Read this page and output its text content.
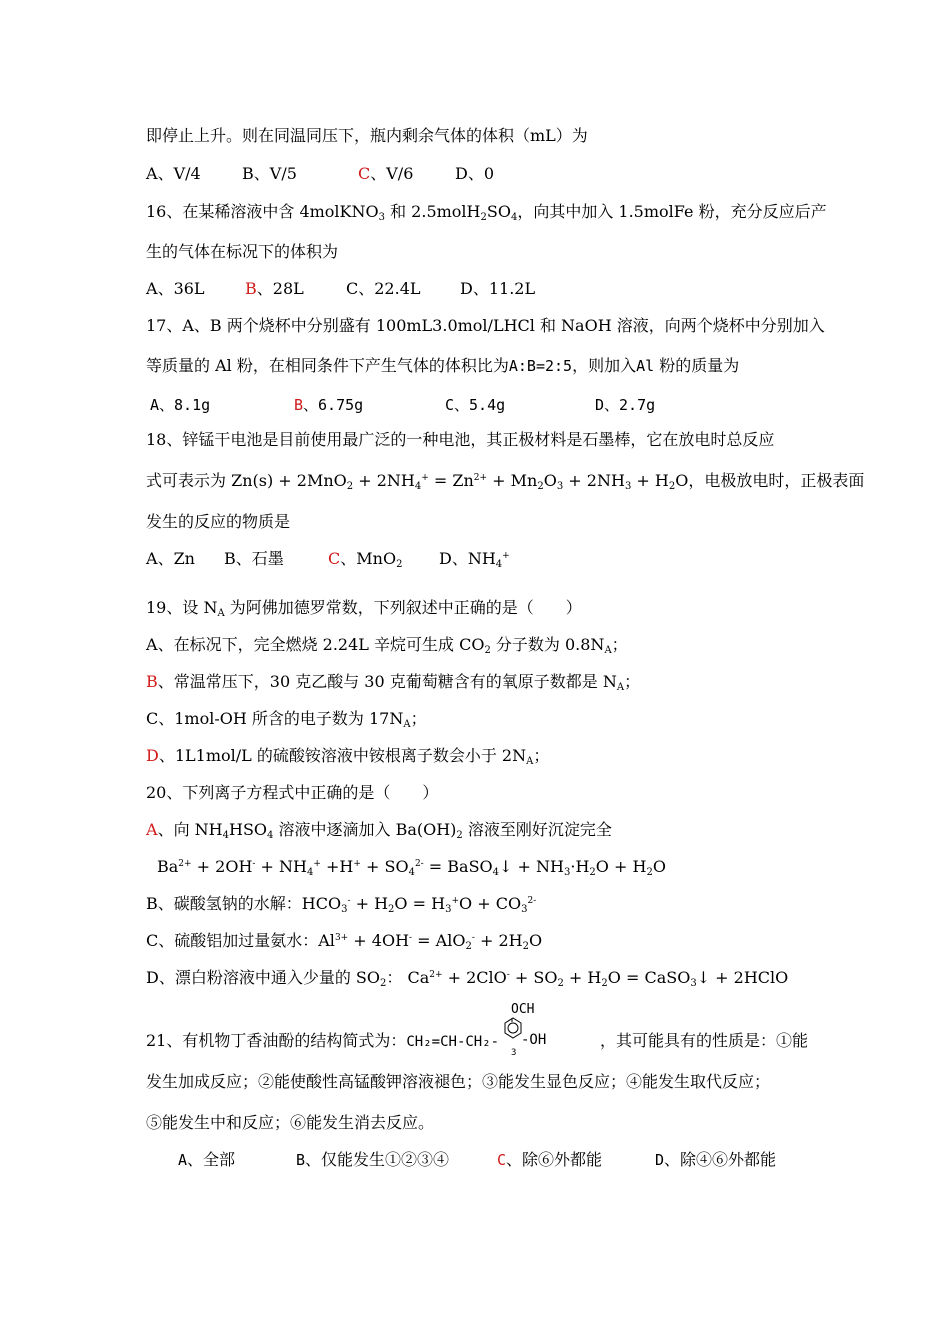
即停止上升。则在同温同压下，瓶内剩余气体的体积（mL）为
A、V/4	B、V/5	C、V/6	D、0
16、在某稀溶液中含 4molKNO$_3$ 和 $2.5molH_2SO_4$，向其中加入 1.5molFe 粉，充分反应后产
生的气体在标况下的体积为
A、36L	B、28L	C、22.4L D、11.2L
17、A、B 两个烧杯中分别盛有 100mL3.0mol/LHCl 和 NaOH 溶液，向两个烧杯中分别加入
等质量的 Al 粉，在相同条件下产生气体的体积比为A:B=2:5，则加入Al 粉的质量为
A、8.1g	B、6.75g	C、5.4g	D、2.7g
18、锌锰干电池是目前使用最广泛的一种电池，其正极材料是石墨棒，它在放电时总反应
式可表示为 $Zn(s) + 2MnO_2 + 2NH_4^+ = Zn^{2+} + Mn_2O_3 + 2NH_3 + H_2O$，电极放电时，正极表面
发生的反应的物质是
A、Zn B、石墨	C、MnO$_2$ D、$NH_4^+$
19、设 $N_A$ 为阿佛加德罗常数，下列叙述中正确的是（　　）
A、在标况下，完全燃烧 2.24L 辛烷可生成 $CO_2$ 分子数为 $0.8N_A$；
B、常温常压下，30 克乙酸与 30 克葡萄糖含有的氧原子数都是 $N_A$；
C、1mol-OH 所含的电子数为 $17N_A$；
D、1L1mol/L 的硫酸铵溶液中铵根离子数会小于 $2N_A$；
20、下列离子方程式中正确的是（　　）
A、向 $NH_4HSO_4$ 溶液中逐滴加入 $Ba(OH)_2$ 溶液至刚好沉淀完全
$Ba^{2+} + 2OH^- + NH_4^+ +H^+ + SO_4^{2-}$ = BaSO$_4$↓ + $NH_3\cdot H_2O + H_2O$
B、碳酸氢钠的水解：$HCO_3^- + H_2O = H_3^+O + CO_3^{2-}$
C、硫酸铝加过量氨水：$Al^{3+} + 4OH^- = AlO_2^- + 2H_2O$
D、漂白粉溶液中通入少量的 $SO_2$： $Ca^{2+} + 2ClO^- + SO_2 + H_2O$ = CaSO$_3$↓ + 2HClO
21、有机物丁香油酚的结构简式为：CH₂=CH-CH₂-
OCH
-OH
3
，其可能具有的性质是：①能
发生加成反应；②能使酸性高锰酸钾溶液褪色；③能发生显色反应；④能发生取代反应；
⑤能发生中和反应；⑥能发生消去反应。
A、全部	B、仅能发生①②③④	C、除⑥外都能	D、除④⑥外都能
